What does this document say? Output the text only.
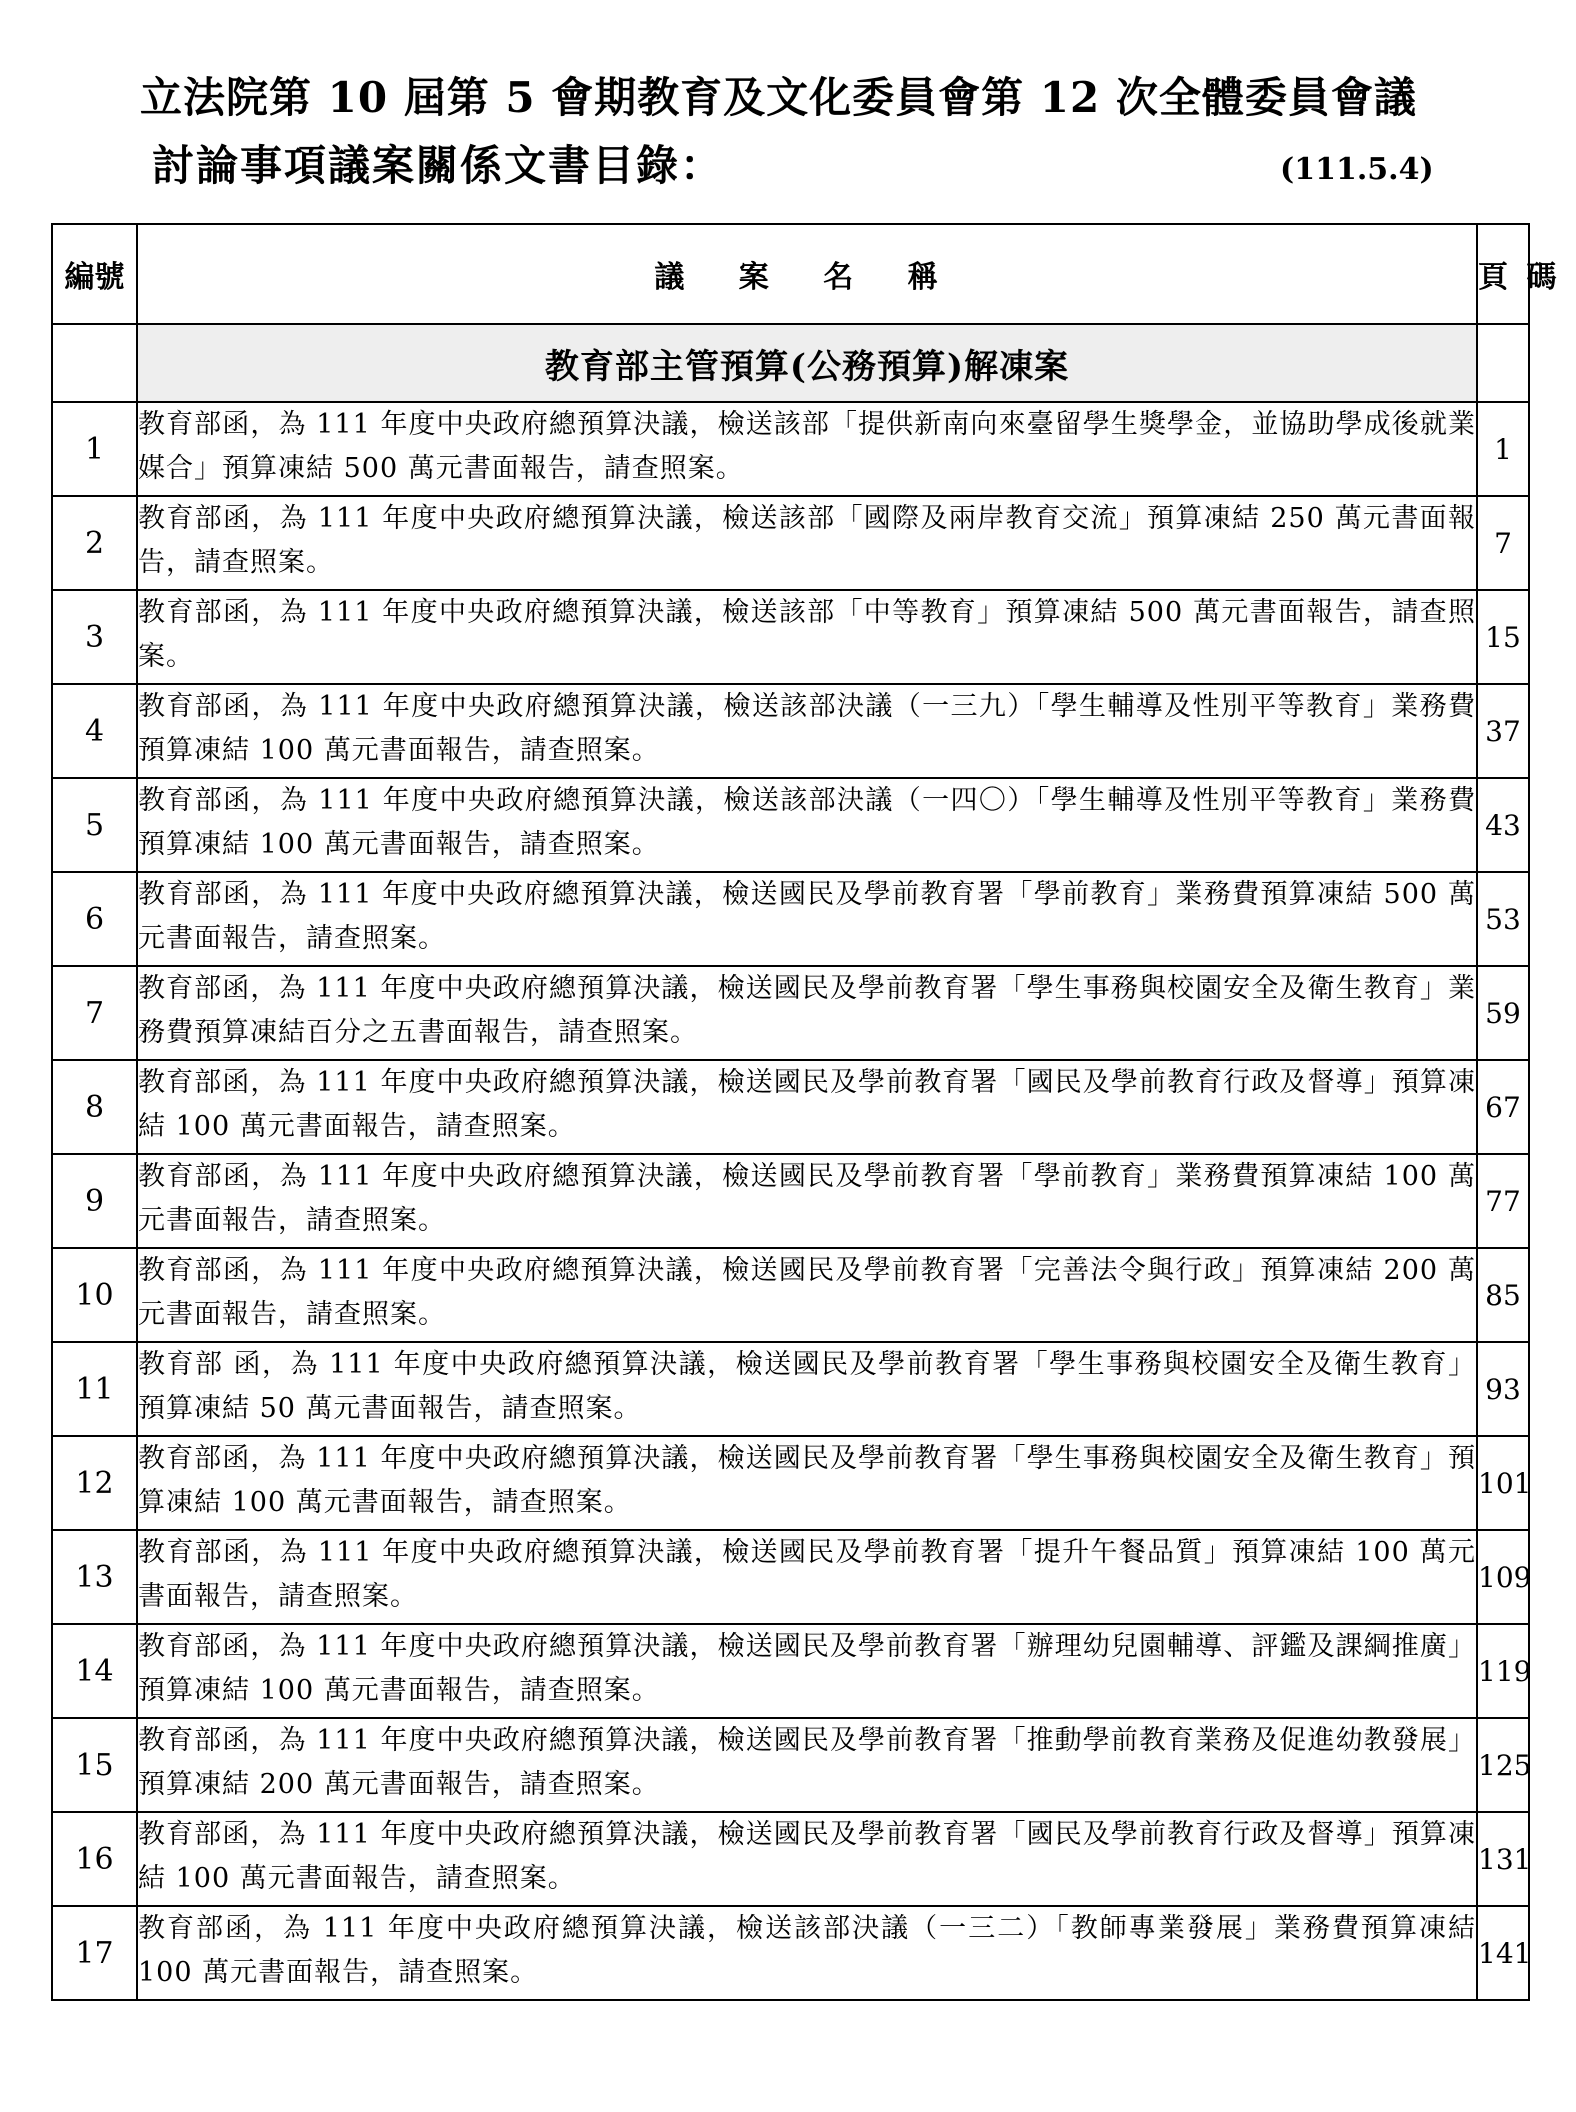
立法院第 10 屆第 5 會期教育及文化委員會第 12 次全體委員會議
討論事項議案關係文書目錄：	(111.5.4)
編號	議 案 名 稱	頁 碼
	教育部主管預算(公務預算)解凍案	
1	教育部函，為 111 年度中央政府總預算決議，檢送該部「提供新南向來臺留學生獎學金，並協助學成後就業媒合」預算凍結 500 萬元書面報告，請查照案。	1
2	教育部函，為 111 年度中央政府總預算決議，檢送該部「國際及兩岸教育交流」預算凍結 250 萬元書面報告，請查照案。	7
3	教育部函，為 111 年度中央政府總預算決議，檢送該部「中等教育」預算凍結 500 萬元書面報告，請查照案。	15
4	教育部函，為 111 年度中央政府總預算決議，檢送該部決議（一三九）「學生輔導及性別平等教育」業務費預算凍結 100 萬元書面報告，請查照案。	37
5	教育部函，為 111 年度中央政府總預算決議，檢送該部決議（一四〇）「學生輔導及性別平等教育」業務費預算凍結 100 萬元書面報告，請查照案。	43
6	教育部函，為 111 年度中央政府總預算決議，檢送國民及學前教育署「學前教育」業務費預算凍結 500 萬元書面報告，請查照案。	53
7	教育部函，為 111 年度中央政府總預算決議，檢送國民及學前教育署「學生事務與校園安全及衛生教育」業務費預算凍結百分之五書面報告，請查照案。	59
8	教育部函，為 111 年度中央政府總預算決議，檢送國民及學前教育署「國民及學前教育行政及督導」預算凍結 100 萬元書面報告，請查照案。	67
9	教育部函，為 111 年度中央政府總預算決議，檢送國民及學前教育署「學前教育」業務費預算凍結 100 萬元書面報告，請查照案。	77
10	教育部函，為 111 年度中央政府總預算決議，檢送國民及學前教育署「完善法令與行政」預算凍結 200 萬元書面報告，請查照案。	85
11	教育部 函，為 111 年度中央政府總預算決議，檢送國民及學前教育署「學生事務與校園安全及衛生教育」預算凍結 50 萬元書面報告，請查照案。	93
12	教育部函，為 111 年度中央政府總預算決議，檢送國民及學前教育署「學生事務與校園安全及衛生教育」預算凍結 100 萬元書面報告，請查照案。	101
13	教育部函，為 111 年度中央政府總預算決議，檢送國民及學前教育署「提升午餐品質」預算凍結 100 萬元書面報告，請查照案。	109
14	教育部函，為 111 年度中央政府總預算決議，檢送國民及學前教育署「辦理幼兒園輔導、評鑑及課綱推廣」預算凍結 100 萬元書面報告，請查照案。	119
15	教育部函，為 111 年度中央政府總預算決議，檢送國民及學前教育署「推動學前教育業務及促進幼教發展」預算凍結 200 萬元書面報告，請查照案。	125
16	教育部函，為 111 年度中央政府總預算決議，檢送國民及學前教育署「國民及學前教育行政及督導」預算凍結 100 萬元書面報告，請查照案。	131
17	教育部函，為 111 年度中央政府總預算決議，檢送該部決議（一三二）「教師專業發展」業務費預算凍結 100 萬元書面報告，請查照案。	141
